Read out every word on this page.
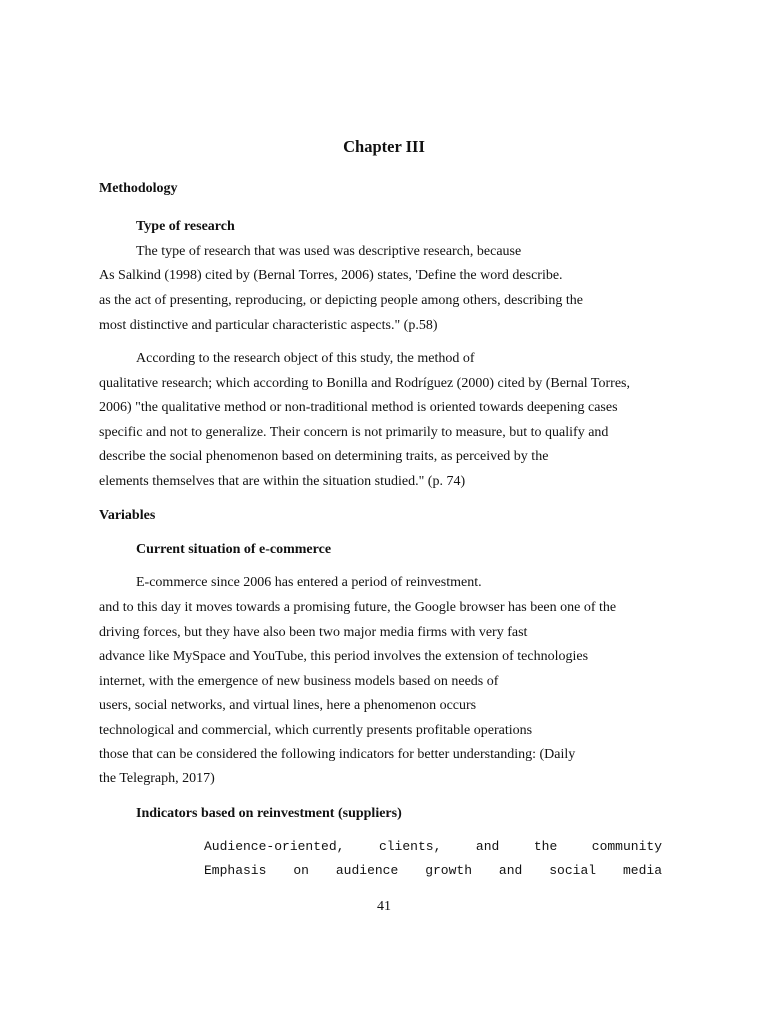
Chapter III
Methodology
Type of research
The type of research that was used was descriptive research, because
As Salkind (1998) cited by (Bernal Torres, 2006) states, 'Define the word describe.
as the act of presenting, reproducing, or depicting people among others, describing the
most distinctive and particular characteristic aspects." (p.58)
According to the research object of this study, the method of
qualitative research; which according to Bonilla and Rodríguez (2000) cited by (Bernal Torres,
2006) "the qualitative method or non-traditional method is oriented towards deepening cases
specific and not to generalize. Their concern is not primarily to measure, but to qualify and
describe the social phenomenon based on determining traits, as perceived by the
elements themselves that are within the situation studied." (p. 74)
Variables
Current situation of e-commerce
E-commerce since 2006 has entered a period of reinvestment.
and to this day it moves towards a promising future, the Google browser has been one of the
driving forces, but they have also been two major media firms with very fast
advance like MySpace and YouTube, this period involves the extension of technologies
internet, with the emergence of new business models based on needs of
users, social networks, and virtual lines, here a phenomenon occurs
technological and commercial, which currently presents profitable operations
those that can be considered the following indicators for better understanding: (Daily
the Telegraph, 2017)
Indicators based on reinvestment (suppliers)
Audience-oriented, clients, and the community
Emphasis on audience growth and social media
41
